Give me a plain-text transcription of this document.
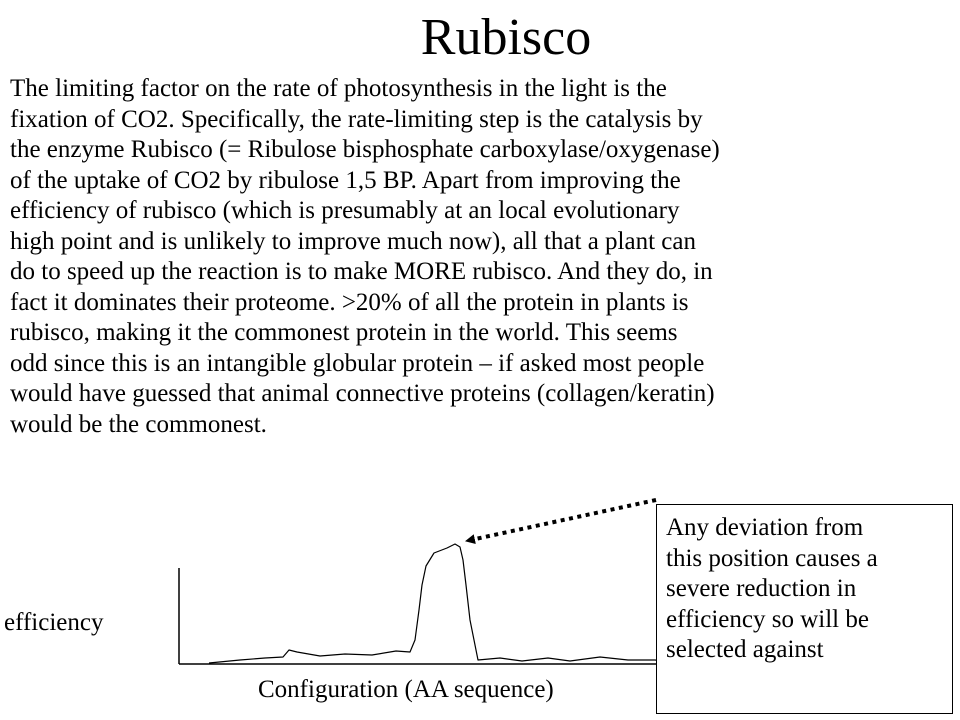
Rubisco
The limiting factor on the rate of photosynthesis in the light is the
fixation of CO2. Specifically, the rate-limiting step is the catalysis by
the enzyme Rubisco (= Ribulose bisphosphate carboxylase/oxygenase)
of the uptake of CO2 by ribulose 1,5 BP. Apart from improving the
efficiency of rubisco (which is presumably at an local evolutionary
high point and is unlikely to improve much now), all that a plant can
do to speed up the reaction is to make MORE rubisco. And they do, in
fact it dominates their proteome. >20% of all the protein in plants is
rubisco, making it the commonest protein in the world. This seems
odd since this is an intangible globular protein – if asked most people
would have guessed that animal connective proteins (collagen/keratin)
would be the commonest.
efficiency
Configuration (AA sequence)
Any deviation from
this position causes a
severe reduction in
efficiency so will be
selected against
